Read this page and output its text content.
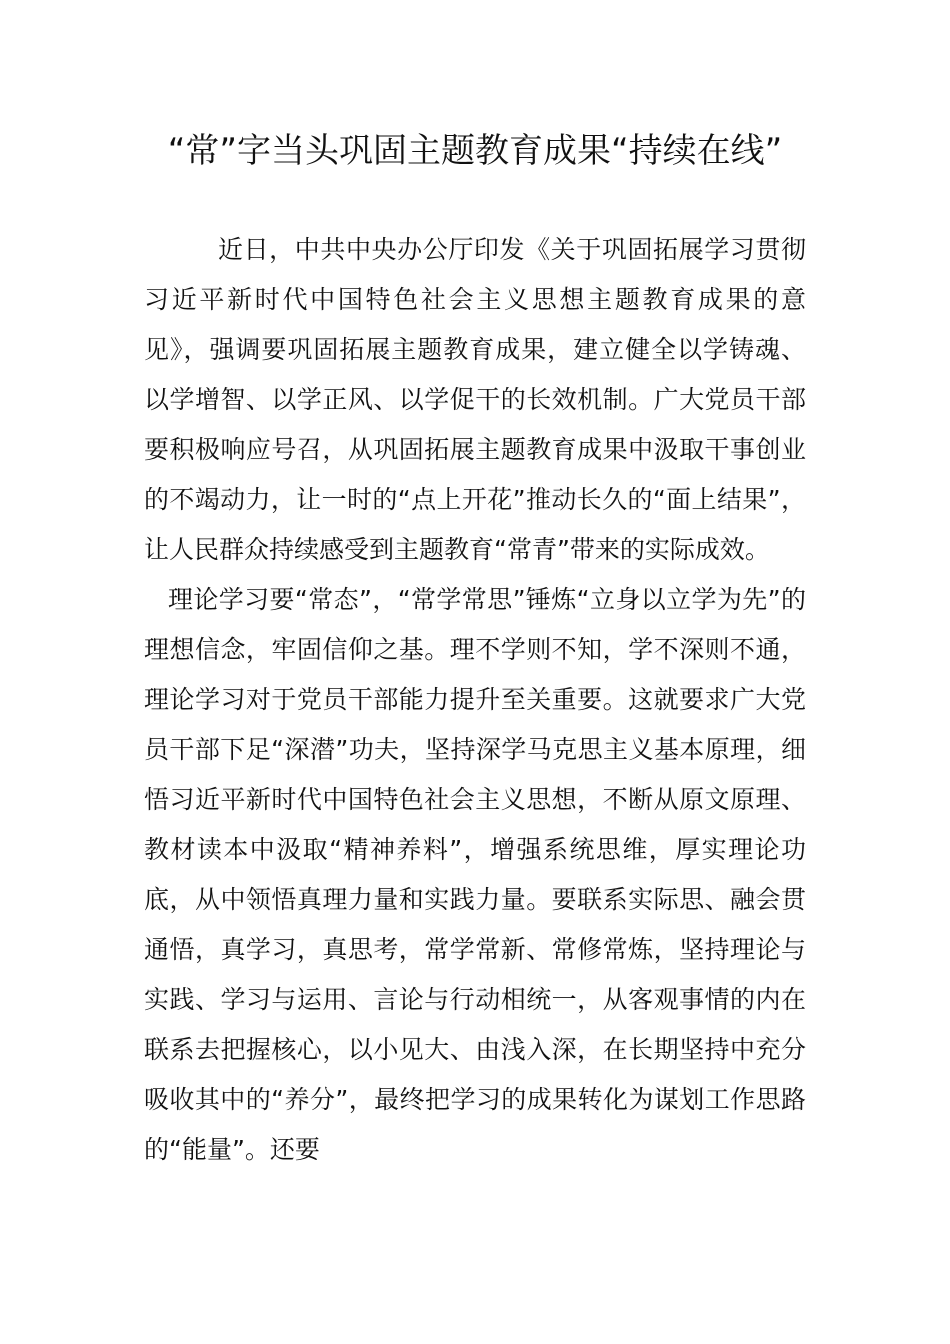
“常”字当头巩固主题教育成果“持续在线”

近日，中共中央办公厅印发《关于巩固拓展学习贯彻习近平新时代中国特色社会主义思想主题教育成果的意见》，强调要巩固拓展主题教育成果，建立健全以学铸魂、以学增智、以学正风、以学促干的长效机制。广大党员干部要积极响应号召，从巩固拓展主题教育成果中汲取干事创业的不竭动力，让一时的“点上开花”推动长久的“面上结果”，让人民群众持续感受到主题教育“常青”带来的实际成效。

理论学习要“常态”，“常学常思”锤炼“立身以立学为先”的理想信念，牢固信仰之基。理不学则不知，学不深则不通，理论学习对于党员干部能力提升至关重要。这就要求广大党员干部下足“深潜”功夫，坚持深学马克思主义基本原理，细悟习近平新时代中国特色社会主义思想，不断从原文原理、教材读本中汲取“精神养料”，增强系统思维，厚实理论功底，从中领悟真理力量和实践力量。要联系实际思、融会贯通悟，真学习，真思考，常学常新、常修常炼，坚持理论与实践、学习与运用、言论与行动相统一，从客观事情的内在联系去把握核心，以小见大、由浅入深，在长期坚持中充分吸收其中的“养分”，最终把学习的成果转化为谋划工作思路的“能量”。还要
